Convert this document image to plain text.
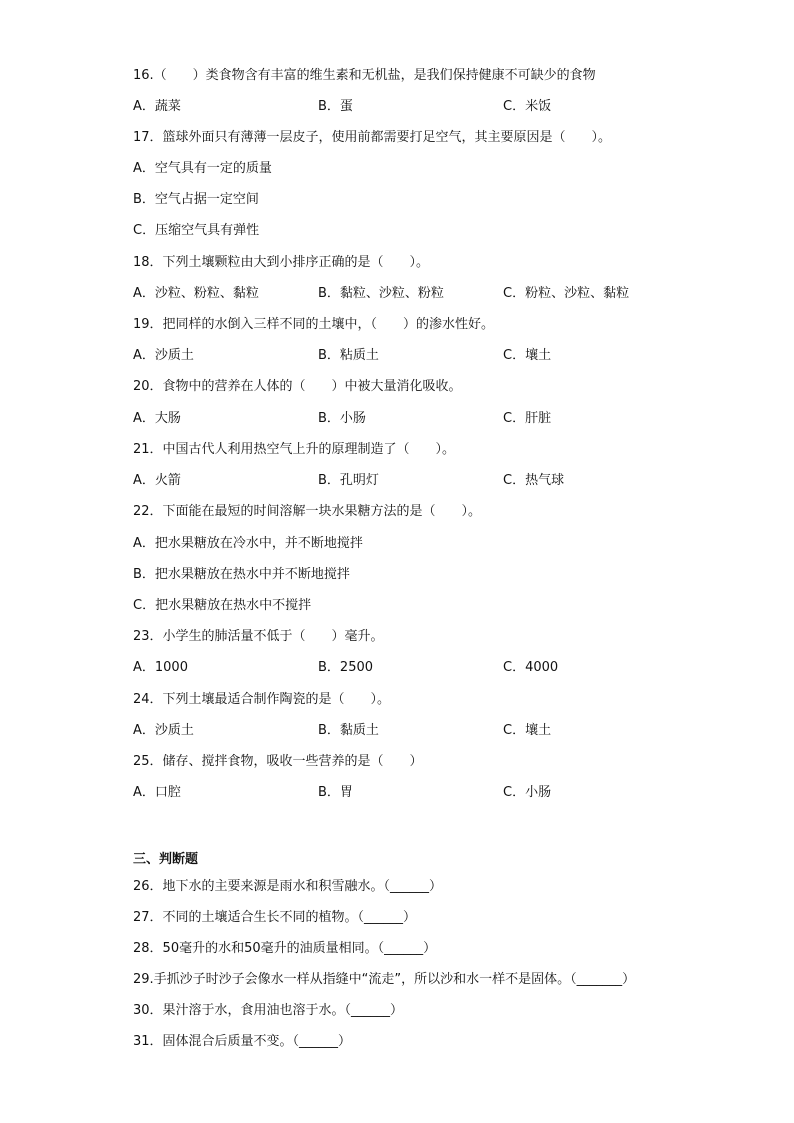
16.（　　）类食物含有丰富的维生素和无机盐，是我们保持健康不可缺少的食物
A．蔬菜	B．蛋	C．米饭
17．篮球外面只有薄薄一层皮子，使用前都需要打足空气，其主要原因是（　　）。
A．空气具有一定的质量
B．空气占据一定空间
C．压缩空气具有弹性
18．下列土壤颗粒由大到小排序正确的是（　　）。
A．沙粒、粉粒、黏粒	B．黏粒、沙粒、粉粒	C．粉粒、沙粒、黏粒
19．把同样的水倒入三样不同的土壤中，（　　）的渗水性好。
A．沙质土	B．粘质土	C．壤土
20．食物中的营养在人体的（　　）中被大量消化吸收。
A．大肠	B．小肠	C．肝脏
21．中国古代人利用热空气上升的原理制造了（　　）。
A．火箭	B．孔明灯	C．热气球
22．下面能在最短的时间溶解一块水果糖方法的是（　　）。
A．把水果糖放在冷水中，并不断地搅拌
B．把水果糖放在热水中并不断地搅拌
C．把水果糖放在热水中不搅拌
23．小学生的肺活量不低于（　　）毫升。
A．1000	B．2500	C．4000
24．下列土壤最适合制作陶瓷的是（　　）。
A．沙质土	B．黏质土	C．壤土
25．储存、搅拌食物，吸收一些营养的是（　　）
A．口腔	B．胃	C．小肠
三、判断题
26．地下水的主要来源是雨水和积雪融水。（______）
27．不同的土壤适合生长不同的植物。（______）
28．50毫升的水和50毫升的油质量相同。（______）
29.手抓沙子时沙子会像水一样从指缝中“流走”，所以沙和水一样不是固体。（_______）
30．果汁溶于水，食用油也溶于水。（______）
31．固体混合后质量不变。（______）
